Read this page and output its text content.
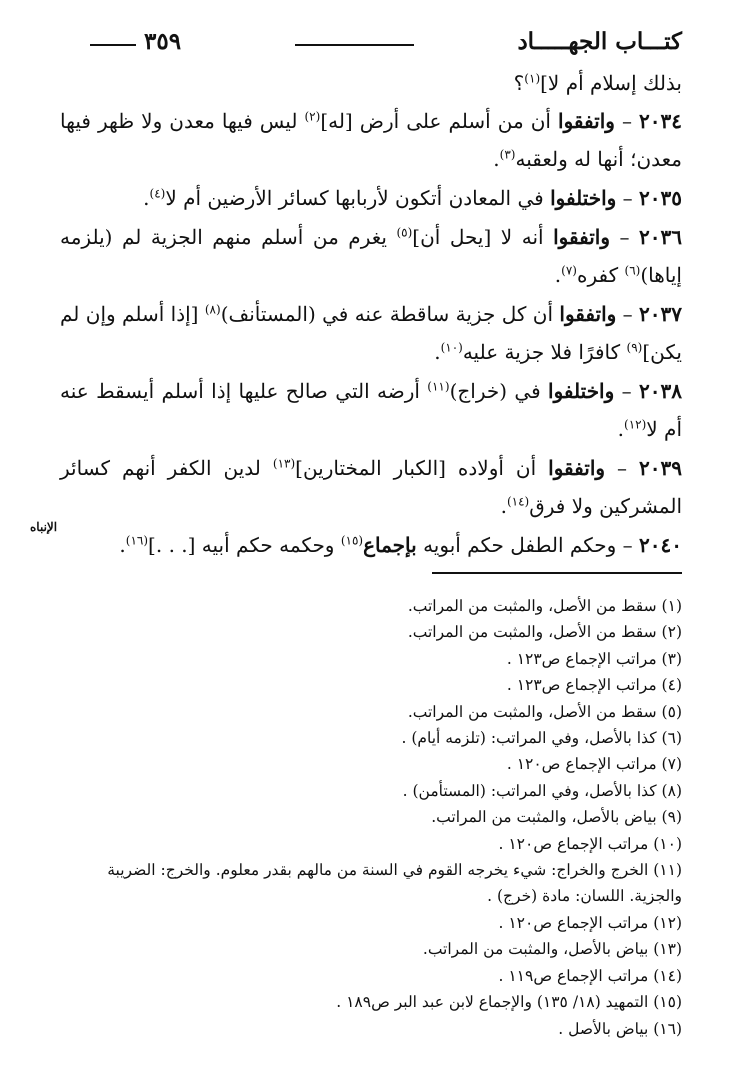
كتـــاب الجهـــــاد
٣٥٩

بذلك إسلام أم لا]$^{(١)}$؟

٢٠٣٤ – واتفقوا أن من أسلم على أرض [له]$^{(٢)}$ ليس فيها معدن ولا ظهر فيها معدن؛ أنها له ولعقبه$^{(٣)}$.

٢٠٣٥ – واختلفوا في المعادن أتكون لأربابها كسائر الأرضين أم لا$^{(٤)}$.

٢٠٣٦ – واتفقوا أنه لا [يحل أن]$^{(٥)}$ يغرم من أسلم منهم الجزية لم (يلزمه إياها)$^{(٦)}$ كفره$^{(٧)}$.

٢٠٣٧ – واتفقوا أن كل جزية ساقطة عنه في (المستأنف)$^{(٨)}$ [إذا أسلم وإن لم يكن]$^{(٩)}$ كافرًا فلا جزية عليه$^{(١٠)}$.

٢٠٣٨ – واختلفوا في (خراج)$^{(١١)}$ أرضه التي صالح عليها إذا أسلم أيسقط عنه أم لا$^{(١٢)}$.

٢٠٣٩ – واتفقوا أن أولاده [الكبار المختارين]$^{(١٣)}$ لدين الكفر أنهم كسائر المشركين ولا فرق$^{(١٤)}$.

٢٠٤٠ – وحكم الطفل حكم أبويه بإجماع$^{(١٥)}$ وحكمه حكم أبيه [. . .]$^{(١٦)}$.

الإنباه

(١) سقط من الأصل، والمثبت من المراتب.

(٢) سقط من الأصل، والمثبت من المراتب.

(٣) مراتب الإجماع ص١٢٣ .

(٤) مراتب الإجماع ص١٢٣ .

(٥) سقط من الأصل، والمثبت من المراتب.

(٦) كذا بالأصل، وفي المراتب: (تلزمه أيام) .

(٧) مراتب الإجماع ص١٢٠ .

(٨) كذا بالأصل، وفي المراتب: (المستأمن) .

(٩) بياض بالأصل، والمثبت من المراتب.

(١٠) مراتب الإجماع ص١٢٠ .

(١١) الخرج والخراج: شيء يخرجه القوم في السنة من مالهم بقدر معلوم. والخرج: الضريبة والجزية. اللسان: مادة (خرج) .

(١٢) مراتب الإجماع ص١٢٠ .

(١٣) بياض بالأصل، والمثبت من المراتب.

(١٤) مراتب الإجماع ص١١٩ .

(١٥) التمهيد (١٨/ ١٣٥) والإجماع لابن عبد البر ص١٨٩ .

(١٦) بياض بالأصل .
